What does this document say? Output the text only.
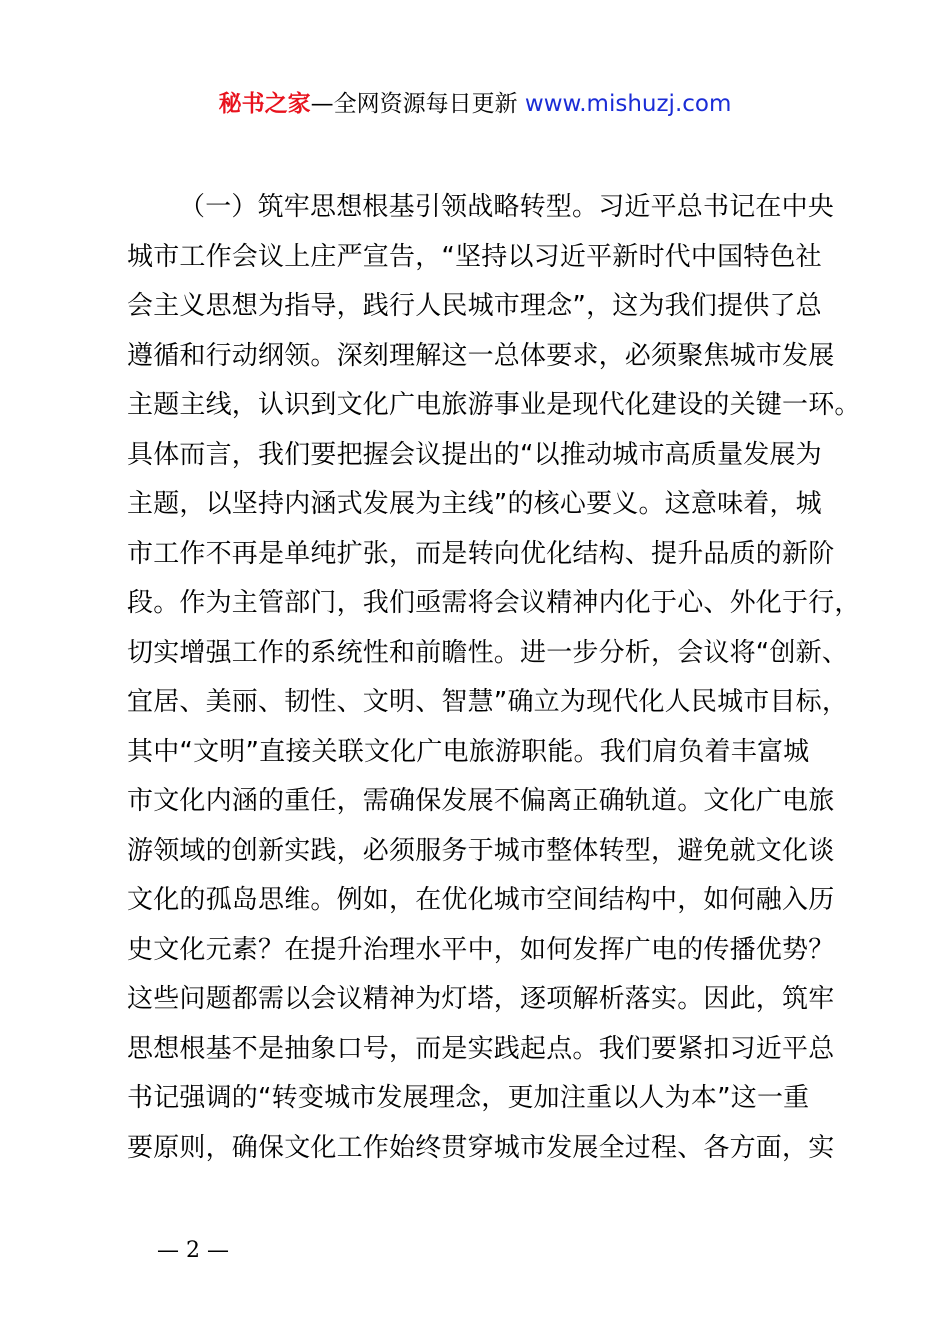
秘书之家—全网资源每日更新 www.mishuzj.com
（一）筑牢思想根基引领战略转型。习近平总书记在中央
城市工作会议上庄严宣告，“坚持以习近平新时代中国特色社
会主义思想为指导，践行人民城市理念”，这为我们提供了总
遵循和行动纲领。深刻理解这一总体要求，必须聚焦城市发展
主题主线，认识到文化广电旅游事业是现代化建设的关键一环。
具体而言，我们要把握会议提出的“以推动城市高质量发展为
主题，以坚持内涵式发展为主线”的核心要义。这意味着，城
市工作不再是单纯扩张，而是转向优化结构、提升品质的新阶
段。作为主管部门，我们亟需将会议精神内化于心、外化于行，
切实增强工作的系统性和前瞻性。进一步分析，会议将“创新、
宜居、美丽、韧性、文明、智慧”确立为现代化人民城市目标，
其中“文明”直接关联文化广电旅游职能。我们肩负着丰富城
市文化内涵的重任，需确保发展不偏离正确轨道。文化广电旅
游领域的创新实践，必须服务于城市整体转型，避免就文化谈
文化的孤岛思维。例如，在优化城市空间结构中，如何融入历
史文化元素？在提升治理水平中，如何发挥广电的传播优势？
这些问题都需以会议精神为灯塔，逐项解析落实。因此，筑牢
思想根基不是抽象口号，而是实践起点。我们要紧扣习近平总
书记强调的“转变城市发展理念，更加注重以人为本”这一重
要原则，确保文化工作始终贯穿城市发展全过程、各方面，实
— 2 —
